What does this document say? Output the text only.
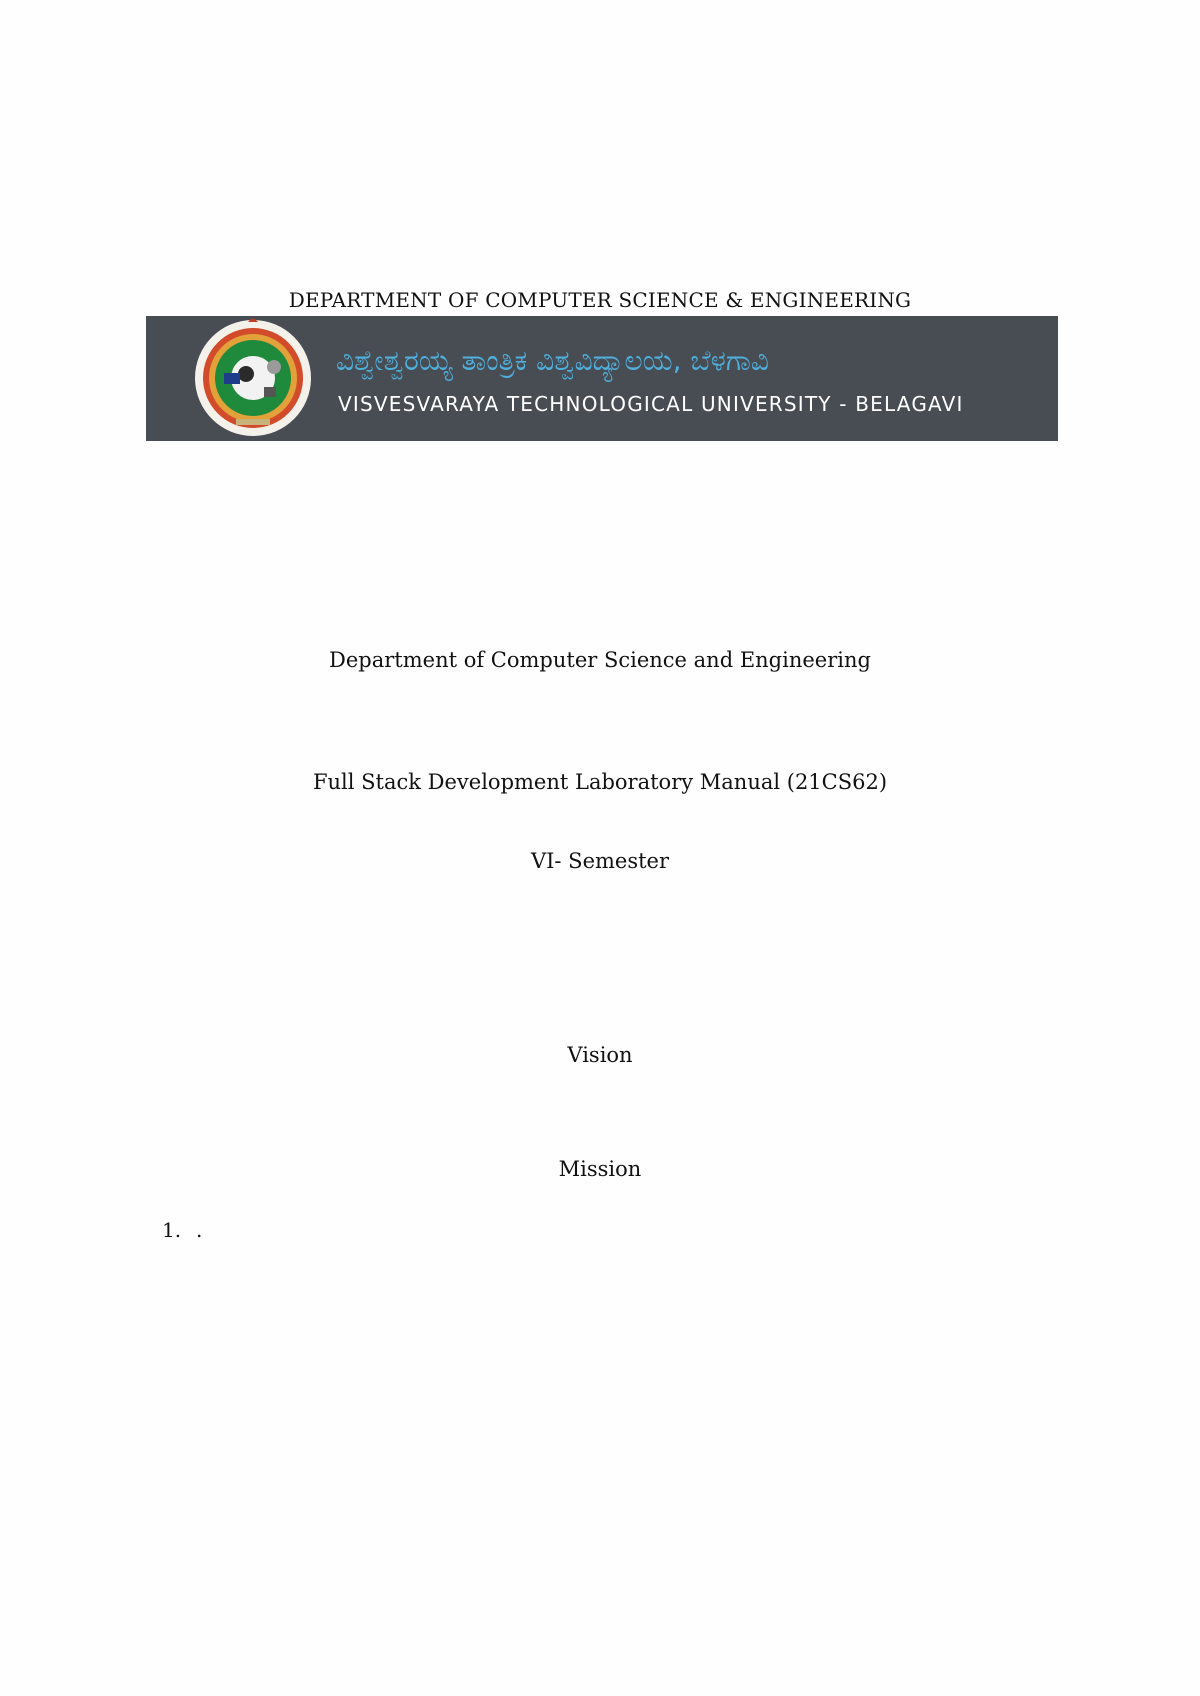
DEPARTMENT OF COMPUTER SCIENCE & ENGINEERING
ವಿಶ್ವೇಶ್ವರಯ್ಯ ತಾಂತ್ರಿಕ ವಿಶ್ವವಿದ್ಯಾಲಯ, ಬೆಳಗಾವಿ
VISVESVARAYA TECHNOLOGICAL UNIVERSITY - BELAGAVI
Department of Computer Science and Engineering
Full Stack Development Laboratory Manual (21CS62)
VI- Semester
Vision
Mission
1. .
